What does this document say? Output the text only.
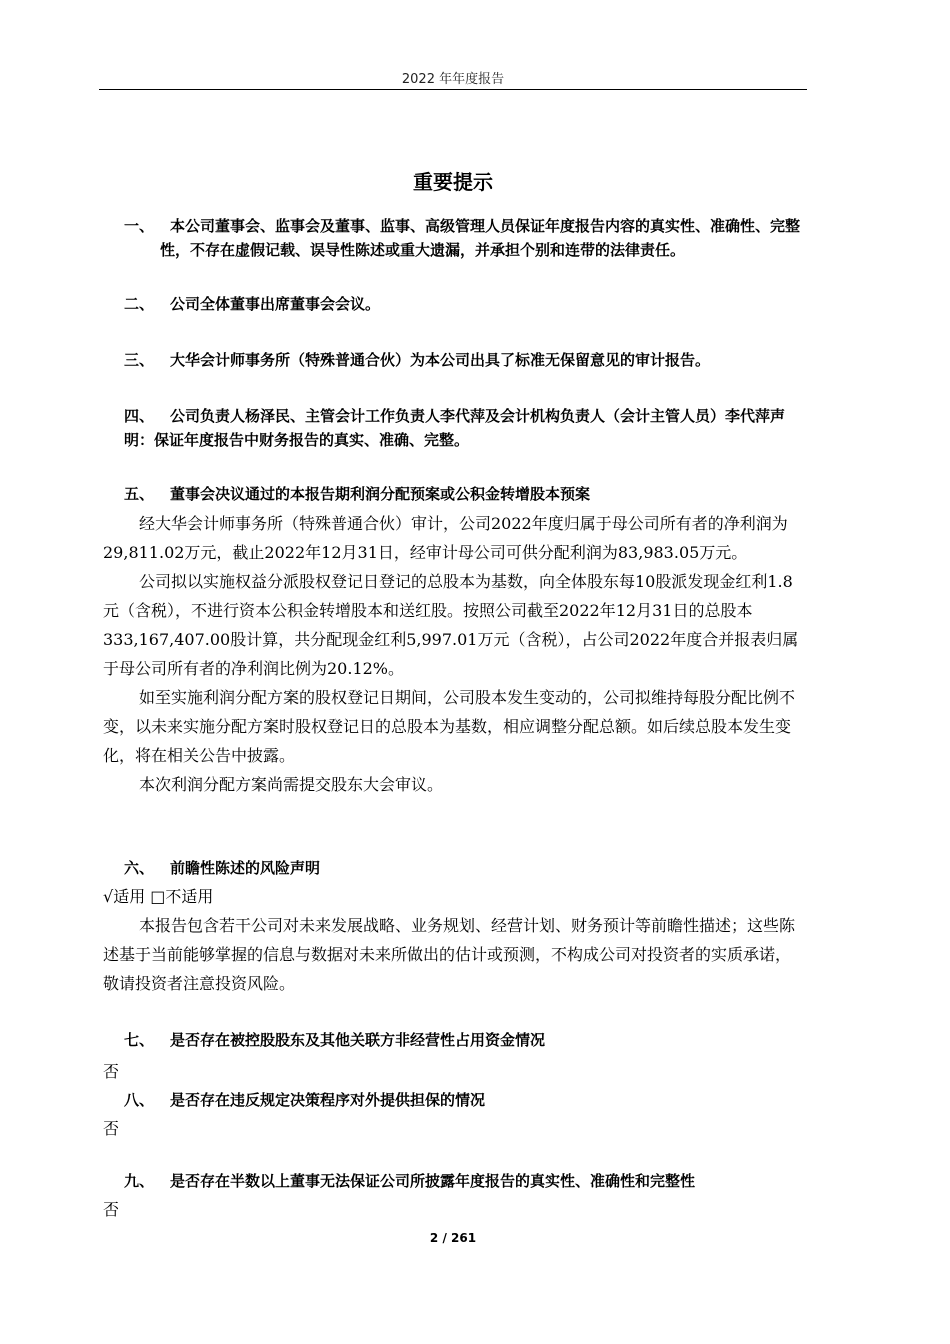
2022 年年度报告
重要提示
一、	本公司董事会、监事会及董事、监事、高级管理人员保证年度报告内容的真实性、准确性、完整性，不存在虚假记载、误导性陈述或重大遗漏，并承担个别和连带的法律责任。
二、	公司全体董事出席董事会会议。
三、	大华会计师事务所（特殊普通合伙）为本公司出具了标准无保留意见的审计报告。
四、	公司负责人杨泽民、主管会计工作负责人李代萍及会计机构负责人（会计主管人员）李代萍声明：保证年度报告中财务报告的真实、准确、完整。
五、	董事会决议通过的本报告期利润分配预案或公积金转增股本预案

经大华会计师事务所（特殊普通合伙）审计，公司2022年度归属于母公司所有者的净利润为29,811.02万元，截止2022年12月31日，经审计母公司可供分配利润为83,983.05万元。

公司拟以实施权益分派股权登记日登记的总股本为基数，向全体股东每10股派发现金红利1.8元（含税），不进行资本公积金转增股本和送红股。按照公司截至2022年12月31日的总股本333,167,407.00股计算，共分配现金红利5,997.01万元（含税），占公司2022年度合并报表归属于母公司所有者的净利润比例为20.12%。

如至实施利润分配方案的股权登记日期间，公司股本发生变动的，公司拟维持每股分配比例不变，以未来实施分配方案时股权登记日的总股本为基数，相应调整分配总额。如后续总股本发生变化，将在相关公告中披露。

本次利润分配方案尚需提交股东大会审议。

六、	前瞻性陈述的风险声明

√适用 □不适用

本报告包含若干公司对未来发展战略、业务规划、经营计划、财务预计等前瞻性描述；这些陈述基于当前能够掌握的信息与数据对未来所做出的估计或预测，不构成公司对投资者的实质承诺，敬请投资者注意投资风险。

七、	是否存在被控股股东及其他关联方非经营性占用资金情况
否
八、	是否存在违反规定决策程序对外提供担保的情况
否
九、	是否存在半数以上董事无法保证公司所披露年度报告的真实性、准确性和完整性
否
2 / 261
